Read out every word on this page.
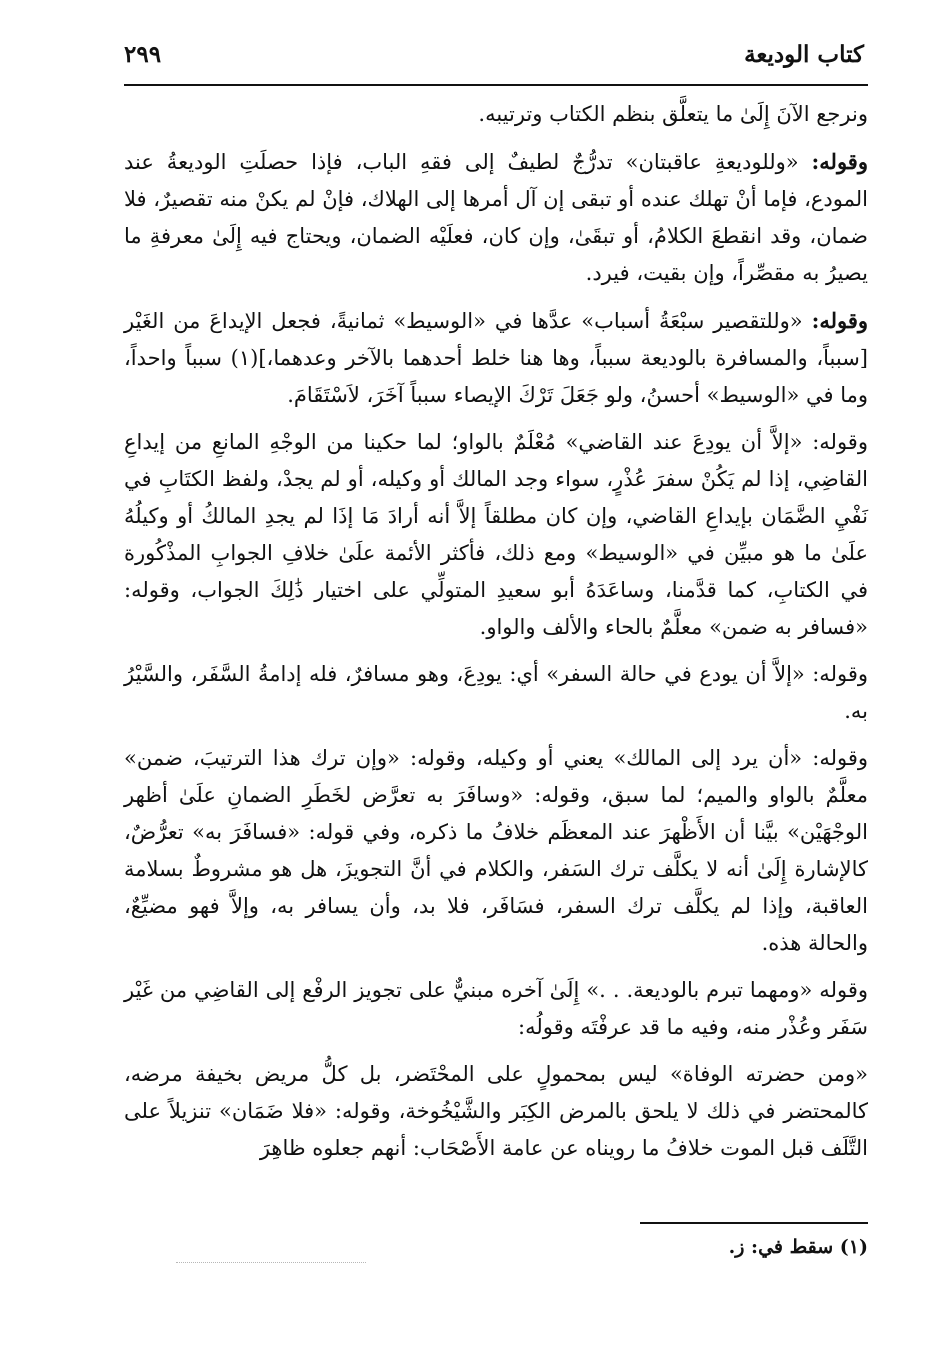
كتاب الوديعة
٢٩٩

ونرجع الآنَ إِلَىٰ ما يتعلَّق بنظم الكتاب وترتيبه.

وقوله: «وللوديعةِ عاقبتان» تدرُّجٌ لطيفٌ إلى فقهِ الباب، فإذا حصلَتِ الوديعةُ عند المودع، فإما أنْ تهلك عنده أو تبقى إن آل أمرها إلى الهلاك، فإنْ لم يكنْ منه تقصيرٌ، فلا ضمان، وقد انقطعَ الكلامُ، أو تبقَىٰ، وإن كان، فعلَيْه الضمان، ويحتاج فيه إِلَىٰ معرفةِ ما يصيرُ به مقصِّراً، وإن بقيت، فيرد.

وقوله: «وللتقصير سبْعَةُ أسباب» عدَّها في «الوسيط» ثمانيةً، فجعل الإيداعَ من الغَيْر [سبباً، والمسافرة بالوديعة سبباً، وها هنا خلط أحدهما بالآخر وعدهما،](١) سبباً واحداً، وما في «الوسيط» أحسنُ، ولو جَعَلَ تَرْكَ الإيصاء سبباً آخَرَ، لاَسْتَقَامَ.

وقوله: «إلاَّ أن يودِعَ عند القاضي» مُعْلَمٌ بالواو؛ لما حكينا من الوجْهِ المانعِ من إيداعِ القاضِي، إذا لم يَكُنْ سفرَ عُذْرٍ، سواء وجد المالك أو وكيله، أو لم يجدْ، ولفظ الكتَابِ في نَفْيِ الضَّمَان بإيداعِ القاضي، وإن كان مطلقاً إلاَّ أنه أرادَ مَا إذَا لم يجدِ المالكُ أو وكيلُهُ علَىٰ ما هو مبيِّن في «الوسيط» ومع ذلك، فأكثر الأئمة علَىٰ خلافِ الجوابِ المذْكُورة في الكتابِ، كما قدَّمنا، وساعَدَهُ أبو سعيدِ المتولِّي على اختيار ذَٰلِكَ الجواب، وقوله: «فسافر به ضمن» معلَّمٌ بالحاء والألف والواو.

وقوله: «إلاَّ أن يودع في حالة السفر» أي: يودِعَ، وهو مسافرٌ، فله إدامةُ السَّفَر، والسَّيْرُ به.

وقوله: «أن يرد إلى المالك» يعني أو وكيله، وقوله: «وإن ترك هذا الترتيبَ، ضمن» معلَّمٌ بالواو والميم؛ لما سبق، وقوله: «وسافَرَ به تعرَّض لخَطَرِ الضمانِ علَىٰ أظهر الوجْهَيْن» بيَّنا أن الأَظْهرَ عند المعظَم خلافُ ما ذكره، وفي قوله: «فسافَرَ به» تعرُّضٌ، كالإشارة إِلَىٰ أنه لا يكلَّف ترك السَفر، والكلام في أنَّ التجويزَ، هل هو مشروطٌ بسلامة العاقبة، وإذا لم يكلَّف ترك السفر، فسَافَر، فلا بد، وأن يسافر به، وإلاَّ فهو مضيِّعٌ، والحالة هذه.

وقوله «ومهما تبرم بالوديعة. . .» إِلَىٰ آخره مبنيٌّ على تجويز الرفْع إلى القاضِي من غَيْر سَفَر وعُذْر منه، وفيه ما قد عرفْتَه وقولُه:

«ومن حضرته الوفاة» ليس بمحمولٍ على المحْتَضر، بل كلُّ مريض بخيفة مرضه، كالمحتضر في ذلك لا يلحق بالمرض الكِبَر والشَّيْخُوخة، وقوله: «فلا ضَمَان» تنزيلاً على التَّلَف قبل الموت خلافُ ما رويناه عن عامة الأَصْحَاب: أنهم جعلوه ظاهِرَ

(١) سقط في: ز.
